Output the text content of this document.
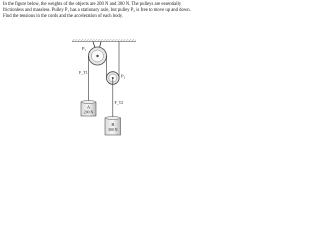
In the figure below, the weights of the objects are 200 N and 300 N. The pulleys are essentially frictionless and massless. Pulley P₁ has a stationary axle, but pulley P₂ is free to move up and down. Find the tensions in the cords and the acceleration of each body.

P₁
P₂
F_T1
F_T2
A
200 N
B
300 N
